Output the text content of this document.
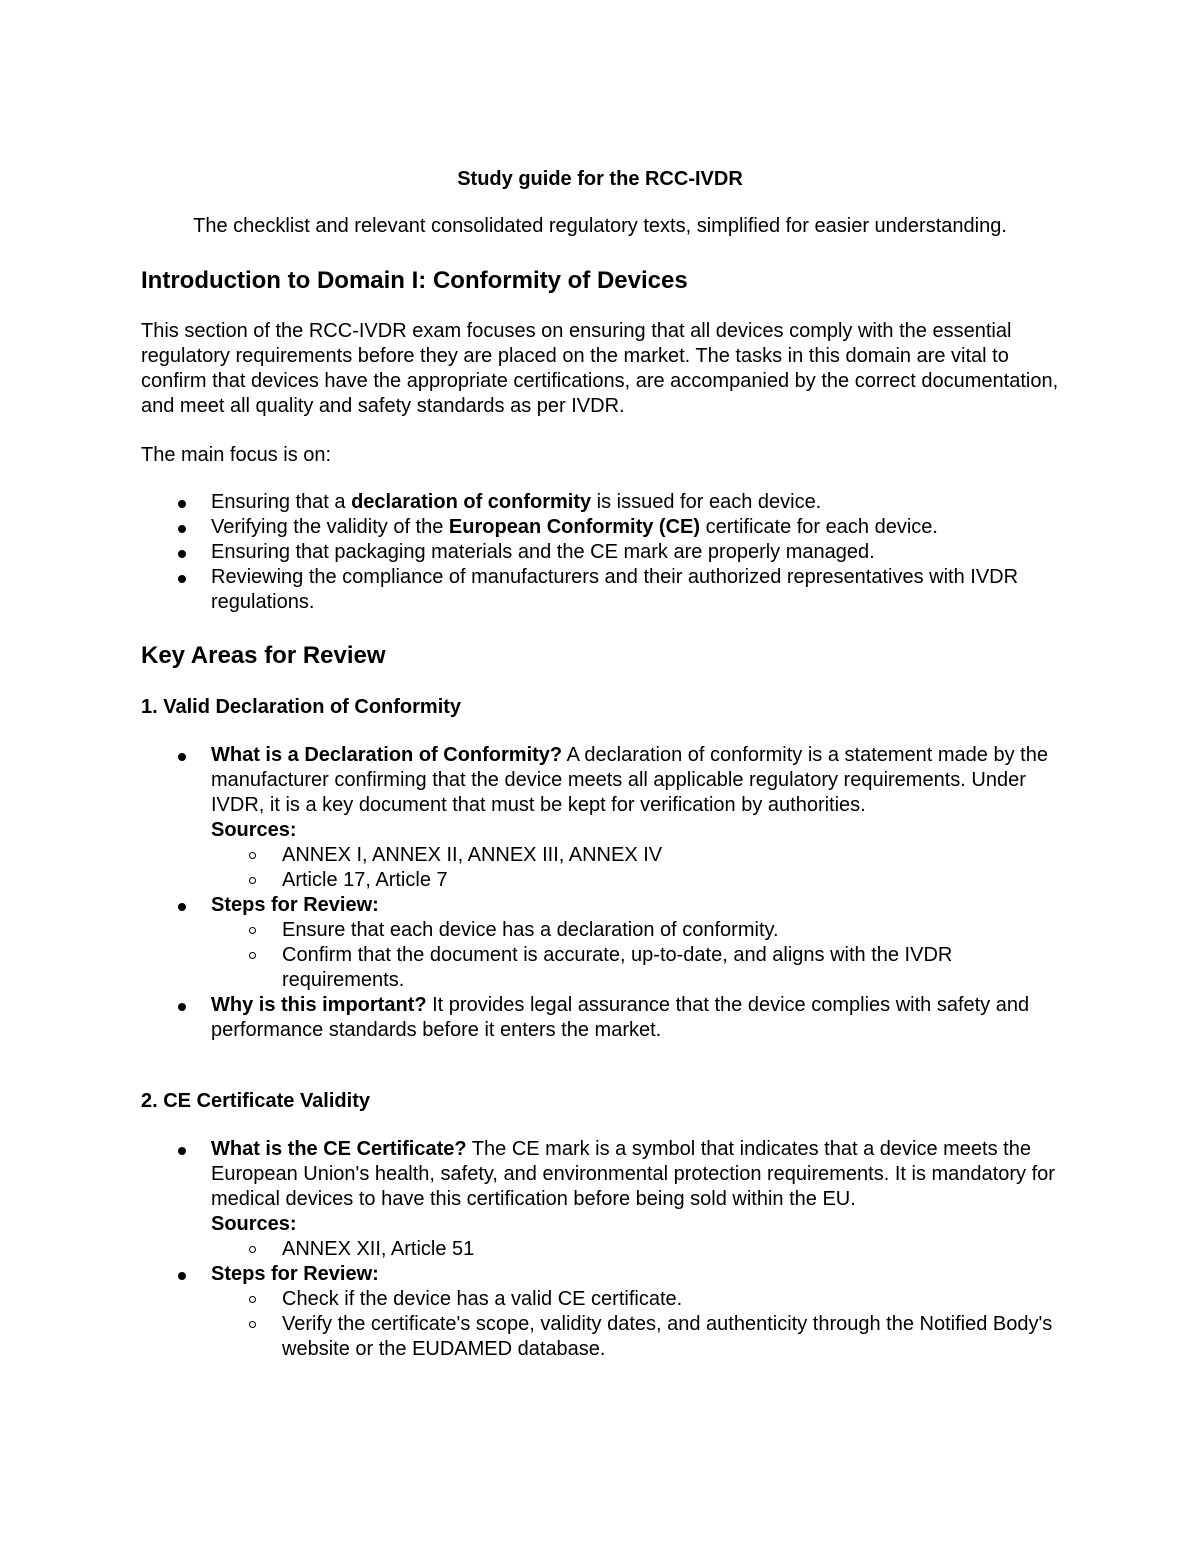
Study guide for the RCC-IVDR
The checklist and relevant consolidated regulatory texts, simplified for easier understanding.
Introduction to Domain I: Conformity of Devices
This section of the RCC-IVDR exam focuses on ensuring that all devices comply with the essential regulatory requirements before they are placed on the market. The tasks in this domain are vital to confirm that devices have the appropriate certifications, are accompanied by the correct documentation, and meet all quality and safety standards as per IVDR.
The main focus is on:
Ensuring that a declaration of conformity is issued for each device.
Verifying the validity of the European Conformity (CE) certificate for each device.
Ensuring that packaging materials and the CE mark are properly managed.
Reviewing the compliance of manufacturers and their authorized representatives with IVDR regulations.
Key Areas for Review
1. Valid Declaration of Conformity
What is a Declaration of Conformity? A declaration of conformity is a statement made by the manufacturer confirming that the device meets all applicable regulatory requirements. Under IVDR, it is a key document that must be kept for verification by authorities.
Sources:
ANNEX I, ANNEX II, ANNEX III, ANNEX IV
Article 17, Article 7
Steps for Review:
Ensure that each device has a declaration of conformity.
Confirm that the document is accurate, up-to-date, and aligns with the IVDR requirements.
Why is this important? It provides legal assurance that the device complies with safety and performance standards before it enters the market.
2. CE Certificate Validity
What is the CE Certificate? The CE mark is a symbol that indicates that a device meets the European Union's health, safety, and environmental protection requirements. It is mandatory for medical devices to have this certification before being sold within the EU.
Sources:
ANNEX XII, Article 51
Steps for Review:
Check if the device has a valid CE certificate.
Verify the certificate's scope, validity dates, and authenticity through the Notified Body's website or the EUDAMED database.
